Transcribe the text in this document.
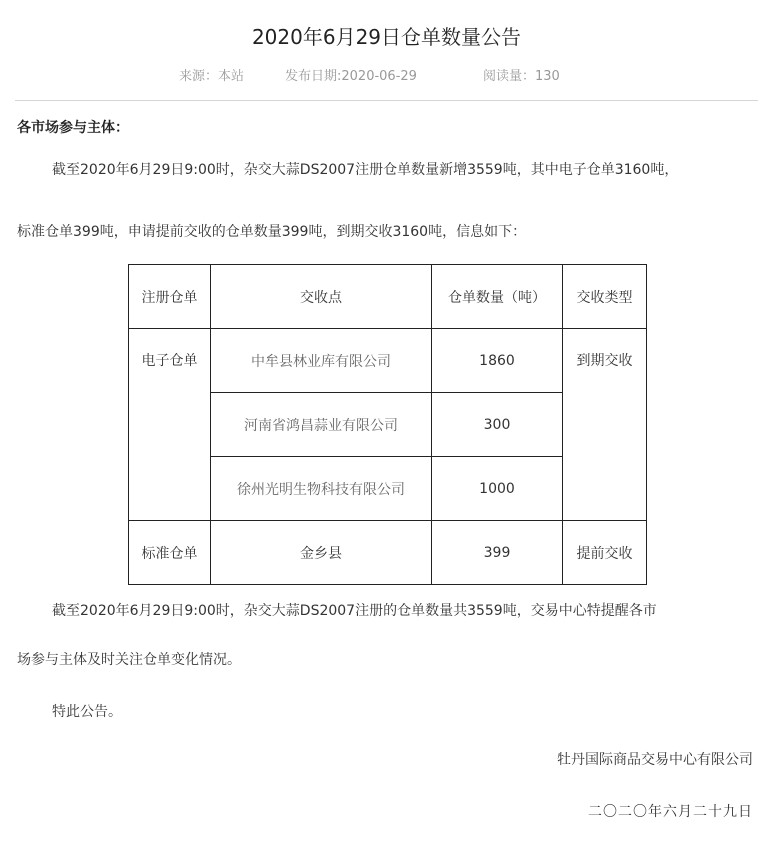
2020年6月29日仓单数量公告
来源：本站	发布日期:2020-06-29	阅读量：130
各市场参与主体：
截至2020年6月29日9:00时，杂交大蒜DS2007注册仓单数量新增3559吨，其中电子仓单3160吨，
标准仓单399吨，申请提前交收的仓单数量399吨，到期交收3160吨，信息如下：
注册仓单	交收点	仓单数量（吨）	交收类型
电子仓单	中牟县林业库有限公司	1860	到期交收
	河南省鸿昌蒜业有限公司	300	
	徐州光明生物科技有限公司	1000	
标准仓单	金乡县	399	提前交收
截至2020年6月29日9:00时，杂交大蒜DS2007注册的仓单数量共3559吨，交易中心特提醒各市
场参与主体及时关注仓单变化情况。
特此公告。
牡丹国际商品交易中心有限公司
二〇二〇年六月二十九日
